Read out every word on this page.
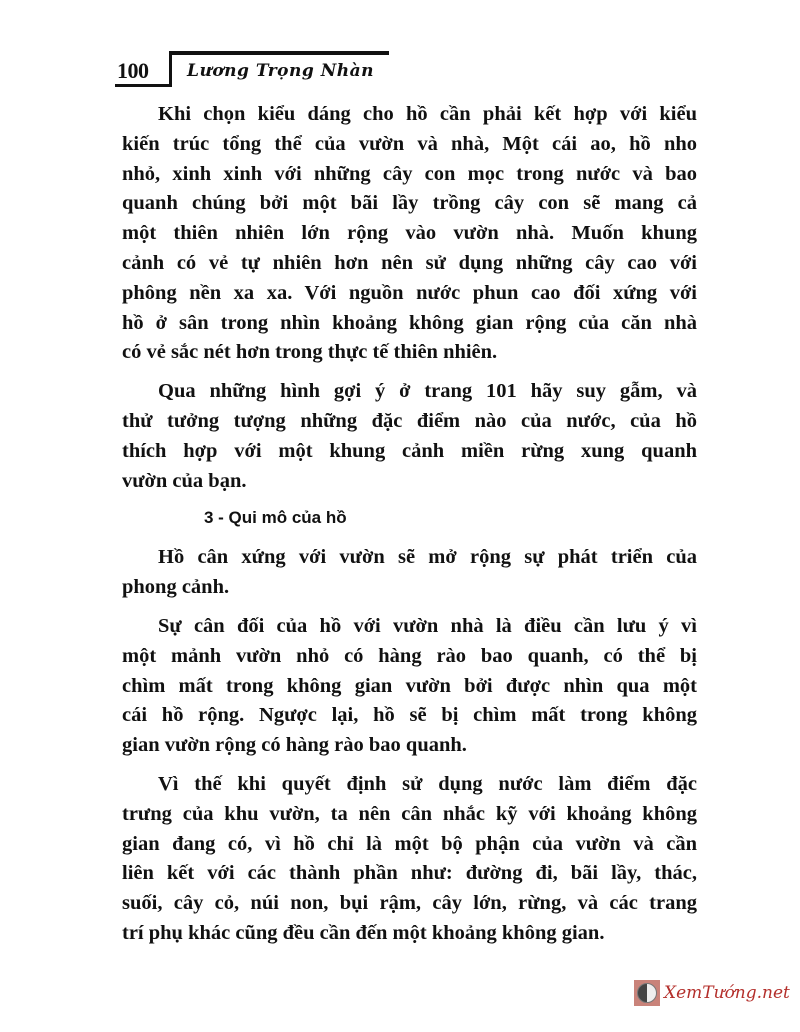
100 Lương Trọng Nhàn
Khi chọn kiểu dáng cho hồ cần phải kết hợp với kiểu
kiến trúc tổng thể của vườn và nhà, Một cái ao, hồ nho
nhỏ, xinh xinh với những cây con mọc trong nước và bao
quanh chúng bởi một bãi lầy trồng cây con sẽ mang cả
một thiên nhiên lớn rộng vào vườn nhà. Muốn khung
cảnh có vẻ tự nhiên hơn nên sử dụng những cây cao với
phông nền xa xa. Với nguồn nước phun cao đối xứng với
hồ ở sân trong nhìn khoảng không gian rộng của căn nhà
có vẻ sắc nét hơn trong thực tế thiên nhiên.
Qua những hình gợi ý ở trang 101 hãy suy gẫm, và
thử tưởng tượng những đặc điểm nào của nước, của hồ
thích hợp với một khung cảnh miền rừng xung quanh
vườn của bạn.
3 - Qui mô của hồ
Hồ cân xứng với vườn sẽ mở rộng sự phát triển của
phong cảnh.
Sự cân đối của hồ với vườn nhà là điều cần lưu ý vì
một mảnh vườn nhỏ có hàng rào bao quanh, có thể bị
chìm mất trong không gian vườn bởi được nhìn qua một
cái hồ rộng. Ngược lại, hồ sẽ bị chìm mất trong không
gian vườn rộng có hàng rào bao quanh.
Vì thế khi quyết định sử dụng nước làm điểm đặc
trưng của khu vườn, ta nên cân nhắc kỹ với khoảng không
gian đang có, vì hồ chỉ là một bộ phận của vườn và cần
liên kết với các thành phần như: đường đi, bãi lầy, thác,
suối, cây cỏ, núi non, bụi rậm, cây lớn, rừng, và các trang
trí phụ khác cũng đều cần đến một khoảng không gian.
XemTướng.net
